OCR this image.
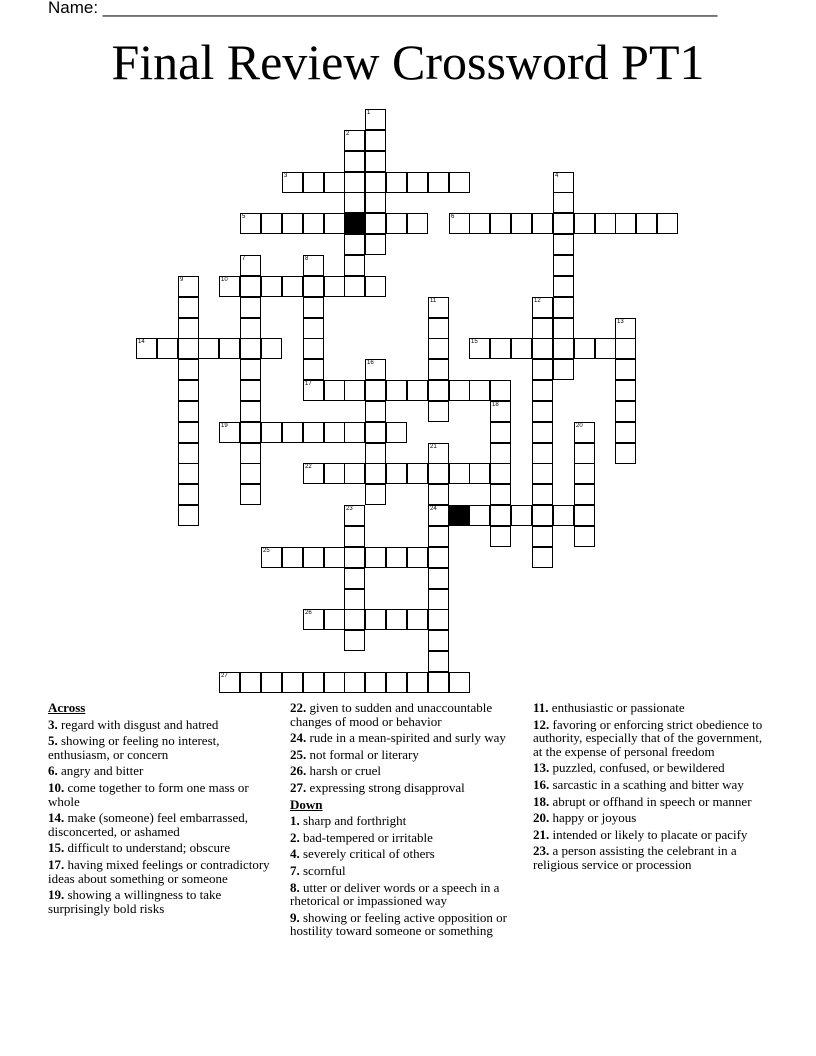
Name: _________________________________________________________________
Final Review Crossword PT1
1
2
3	4
5	6
7	8
17
9	10
11	12
13
14	15
16
18
19	20
21
22
23	24
25
26
27
Across
3. regard with disgust and hatred
5. showing or feeling no interest, enthusiasm, or concern
6. angry and bitter
10. come together to form one mass or whole
14. make (someone) feel embarrassed, disconcerted, or ashamed
15. difficult to understand; obscure
17. having mixed feelings or contradictory ideas about something or someone
19. showing a willingness to take surprisingly bold risks
22. given to sudden and unaccountable changes of mood or behavior
24. rude in a mean-spirited and surly way
25. not formal or literary
26. harsh or cruel
27. expressing strong disapproval
Down
1. sharp and forthright
2. bad-tempered or irritable
4. severely critical of others
7. scornful
8. utter or deliver words or a speech in a rhetorical or impassioned way
9. showing or feeling active opposition or hostility toward someone or something
11. enthusiastic or passionate
12. favoring or enforcing strict obedience to authority, especially that of the government, at the expense of personal freedom
13. puzzled, confused, or bewildered
16. sarcastic in a scathing and bitter way
18. abrupt or offhand in speech or manner
20. happy or joyous
21. intended or likely to placate or pacify
23. a person assisting the celebrant in a religious service or procession
